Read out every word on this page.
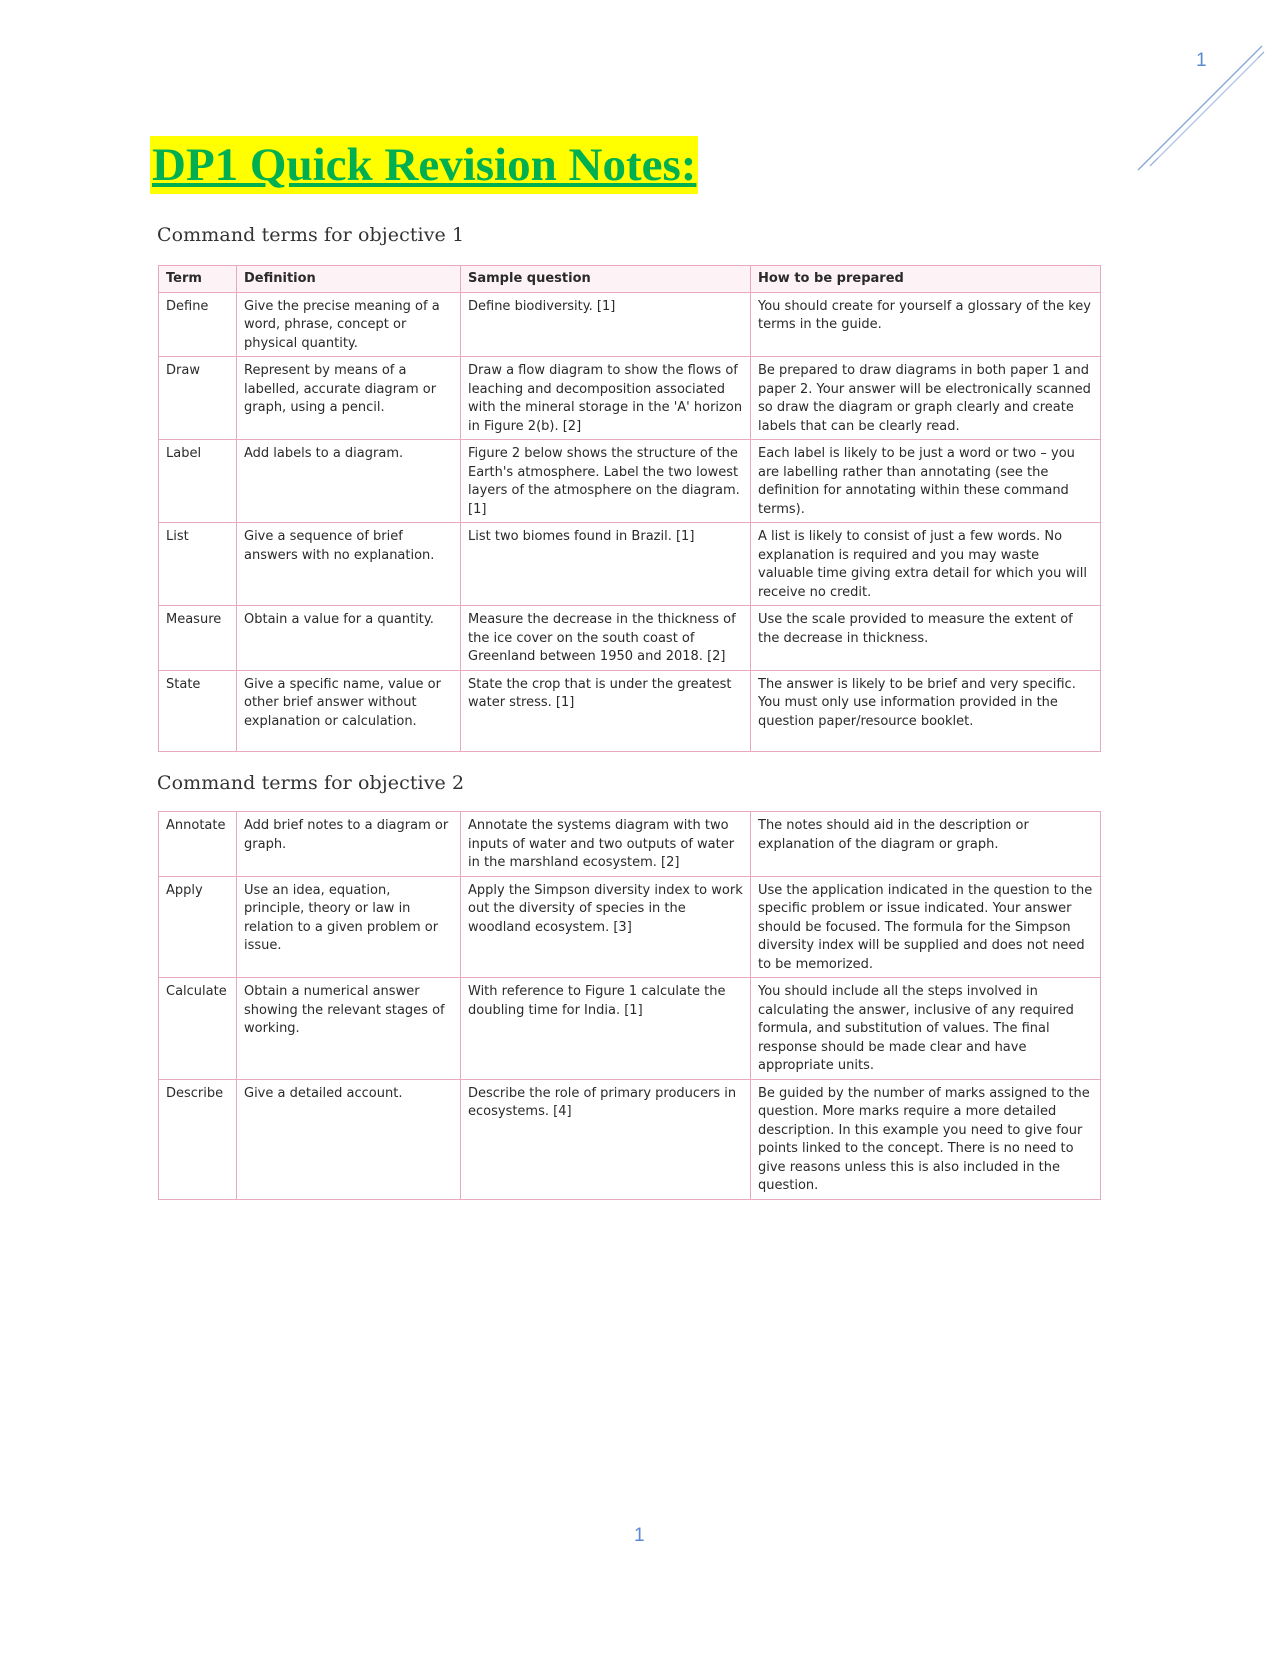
1
DP1 Quick Revision Notes:
Command terms for objective 1
Term	Definition	Sample question	How to be prepared
Define	Give the precise meaning of a word, phrase, concept or physical quantity.	Define biodiversity. [1]	You should create for yourself a glossary of the key terms in the guide.
Draw	Represent by means of a labelled, accurate diagram or graph, using a pencil.	Draw a flow diagram to show the flows of leaching and decomposition associated with the mineral storage in the 'A' horizon in Figure 2(b). [2]	Be prepared to draw diagrams in both paper 1 and paper 2. Your answer will be electronically scanned so draw the diagram or graph clearly and create labels that can be clearly read.
Label	Add labels to a diagram.	Figure 2 below shows the structure of the Earth's atmosphere. Label the two lowest layers of the atmosphere on the diagram. [1]	Each label is likely to be just a word or two – you are labelling rather than annotating (see the definition for annotating within these command terms).
List	Give a sequence of brief answers with no explanation.	List two biomes found in Brazil. [1]	A list is likely to consist of just a few words. No explanation is required and you may waste valuable time giving extra detail for which you will receive no credit.
Measure	Obtain a value for a quantity.	Measure the decrease in the thickness of the ice cover on the south coast of Greenland between 1950 and 2018. [2]	Use the scale provided to measure the extent of the decrease in thickness.
State	Give a specific name, value or other brief answer without explanation or calculation.	State the crop that is under the greatest water stress. [1]	The answer is likely to be brief and very specific. You must only use information provided in the question paper/resource booklet.
Command terms for objective 2
Annotate	Add brief notes to a diagram or graph.	Annotate the systems diagram with two inputs of water and two outputs of water in the marshland ecosystem. [2]	The notes should aid in the description or explanation of the diagram or graph.
Apply	Use an idea, equation, principle, theory or law in relation to a given problem or issue.	Apply the Simpson diversity index to work out the diversity of species in the woodland ecosystem. [3]	Use the application indicated in the question to the specific problem or issue indicated. Your answer should be focused. The formula for the Simpson diversity index will be supplied and does not need to be memorized.
Calculate	Obtain a numerical answer showing the relevant stages of working.	With reference to Figure 1 calculate the doubling time for India. [1]	You should include all the steps involved in calculating the answer, inclusive of any required formula, and substitution of values. The final response should be made clear and have appropriate units.
Describe	Give a detailed account.	Describe the role of primary producers in ecosystems. [4]	Be guided by the number of marks assigned to the question. More marks require a more detailed description. In this example you need to give four points linked to the concept. There is no need to give reasons unless this is also included in the question.
1
